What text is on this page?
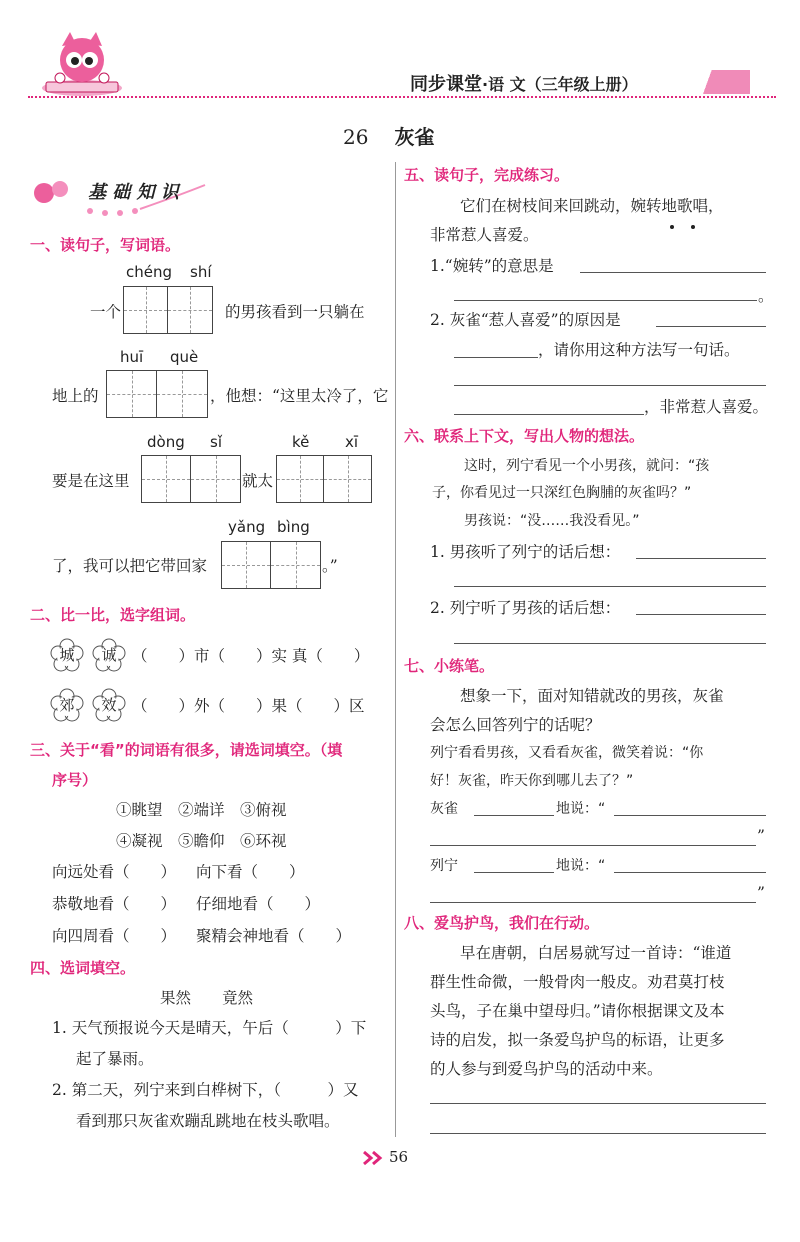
同步课堂·语 文（三年级上册）
26 灰雀
基 础 知 识
一、读句子，写词语。
chéng shí
一个	的男孩看到一只躺在
huī què
地上的	，他想：“这里太冷了，它
dòng sǐ	kě xī
要是在这里	就太
yǎng bìng
了，我可以把它带回家	。”
二、比一比，选字组词。
城	诚	（　　）市（　　）实 真（　　）
郊	效	（　　）外（　　）果（　　）区
三、关于“看”的词语有很多，请选词填空。（填
序号）
①眺望　②端详　③俯视
④凝视　⑤瞻仰　⑥环视
向远处看（　　） 向下看（　　）
恭敬地看（　　） 仔细地看（　　）
向四周看（　　） 聚精会神地看（　　）
四、选词填空。
果然　　竟然
1. 天气预报说今天是晴天，午后（　　　）下
起了暴雨。
2. 第二天，列宁来到白桦树下，（　　　）又
看到那只灰雀欢蹦乱跳地在枝头歌唱。
五、读句子，完成练习。
它们在树枝间来回跳动，婉转地歌唱，
非常惹人喜爱。
1.“婉转”的意思是
。
2. 灰雀“惹人喜爱”的原因是
，请你用这种方法写一句话。
，非常惹人喜爱。
六、联系上下文，写出人物的想法。
这时，列宁看见一个小男孩，就问：“孩
子，你看见过一只深红色胸脯的灰雀吗？”
男孩说：“没……我没看见。”
1. 男孩听了列宁的话后想：
2. 列宁听了男孩的话后想：
七、小练笔。
想象一下，面对知错就改的男孩，灰雀
会怎么回答列宁的话呢？
列宁看看男孩，又看看灰雀，微笑着说：“你
好！灰雀，昨天你到哪儿去了？”
灰雀	地说：“
”
列宁	地说：“
”
八、爱鸟护鸟，我们在行动。
早在唐朝，白居易就写过一首诗：“谁道
群生性命微，一般骨肉一般皮。劝君莫打枝
头鸟，子在巢中望母归。”请你根据课文及本
诗的启发，拟一条爱鸟护鸟的标语，让更多
的人参与到爱鸟护鸟的活动中来。
56
